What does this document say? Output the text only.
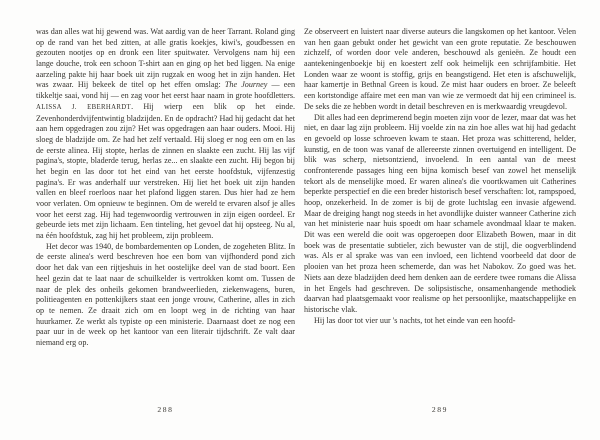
was dan alles wat hij gewend was. Wat aardig van de heer Tarrant. Roland ging op de rand van het bed zitten, at alle gratis koekjes, kiwi's, goudbessen en gezouten nootjes op en dronk een liter spuitwater. Vervolgens nam hij een lange douche, trok een schoon T-shirt aan en ging op het bed liggen. Na enige aarzeling pakte hij haar boek uit zijn rugzak en woog het in zijn handen. Het was zwaar. Hij bekeek de titel op het effen omslag: The Journey — een tikkeltje saai, vond hij — en zag voor het eerst haar naam in grote hoofdletters. ALISSA J. EBERHARDT. Hij wierp een blik op het einde. Zevenhonderdvijfentwintig bladzijden. En de opdracht? Had hij gedacht dat het aan hem opgedragen zou zijn? Het was opgedragen aan haar ouders. Mooi. Hij sloeg de bladzijde om. Ze had het zelf vertaald. Hij sloeg er nog een om en las de eerste alinea. Hij stopte, herlas de zinnen en slaakte een zucht. Hij las vijf pagina's, stopte, bladerde terug, herlas ze... en slaakte een zucht. Hij begon bij het begin en las door tot het eind van het eerste hoofdstuk, vijfenzestig pagina's. Er was anderhalf uur verstreken. Hij liet het boek uit zijn handen vallen en bleef roerloos naar het plafond liggen staren. Dus hier had ze hem voor verlaten. Om opnieuw te beginnen. Om de wereld te ervaren alsof je alles voor het eerst zag. Hij had tegenwoordig vertrouwen in zijn eigen oordeel. Er gebeurde iets met zijn lichaam. Een tinteling, het gevoel dat hij opsteeg. Nu al, na één hoofdstuk, zag hij het probleem, zijn probleem.

Het decor was 1940, de bombardementen op Londen, de zogeheten Blitz. In de eerste alinea's werd beschreven hoe een bom van vijfhonderd pond zich door het dak van een rijtjeshuis in het oostelijke deel van de stad boort. Een heel gezin dat te laat naar de schuilkelder is vertrokken komt om. Tussen de naar de plek des onheils gekomen brandweerlieden, ziekenwagens, buren, politieagenten en pottenkijkers staat een jonge vrouw, Catherine, alles in zich op te nemen. Ze draait zich om en loopt weg in de richting van haar huurkamer. Ze werkt als typiste op een ministerie. Daarnaast doet ze nog een paar uur in de week op het kantoor van een literair tijdschrift. Ze valt daar niemand erg op.

288

Ze observeert en luistert naar diverse auteurs die langskomen op het kantoor. Velen van hen gaan gebukt onder het gewicht van een grote reputatie. Ze beschouwen zichzelf, of worden door vele anderen, beschouwd als genieën. Ze houdt een aantekeningenboekje bij en koestert zelf ook heimelijk een schrijfambitie. Het Londen waar ze woont is stoffig, grijs en beangstigend. Het eten is afschuwelijk, haar kamertje in Bethnal Green is koud. Ze mist haar ouders en broer. Ze beleeft een kortstondige affaire met een man van wie ze vermoedt dat hij een crimineel is. De seks die ze hebben wordt in detail beschreven en is merkwaardig vreugdevol.

Dit alles had een deprimerend begin moeten zijn voor de lezer, maar dat was het niet, en daar lag zijn probleem. Hij voelde zin na zin hoe alles wat hij had gedacht en gevoeld op losse schroeven kwam te staan. Het proza was schitterend, helder, kunstig, en de toon was vanaf de allereerste zinnen overtuigend en intelligent. De blik was scherp, nietsontziend, invoelend. In een aantal van de meest confronterende passages hing een bijna komisch besef van zowel het menselijk tekort als de menselijke moed. Er waren alinea's die voortkwamen uit Catherines beperkte perspectief en die een breder historisch besef verschaften: lot, rampspoed, hoop, onzekerheid. In de zomer is bij de grote luchtslag een invasie afgewend. Maar de dreiging hangt nog steeds in het avondlijke duister wanneer Catherine zich van het ministerie naar huis spoedt om haar schamele avondmaal klaar te maken. Dit was een wereld die ooit was opgeroepen door Elizabeth Bowen, maar in dit boek was de presentatie subtieler, zich bewuster van de stijl, die oogverblindend was. Als er al sprake was van een invloed, een lichtend voorbeeld dat door de plooien van het proza heen schemerde, dan was het Nabokov. Zo goed was het. Niets aan deze bladzijden deed hem denken aan de eerdere twee romans die Alissa in het Engels had geschreven. De solipsistische, onsamenhangende methodiek daarvan had plaatsgemaakt voor realisme op het persoonlijke, maatschappelijke en historische vlak.

Hij las door tot vier uur 's nachts, tot het einde van een hoofd-

289
